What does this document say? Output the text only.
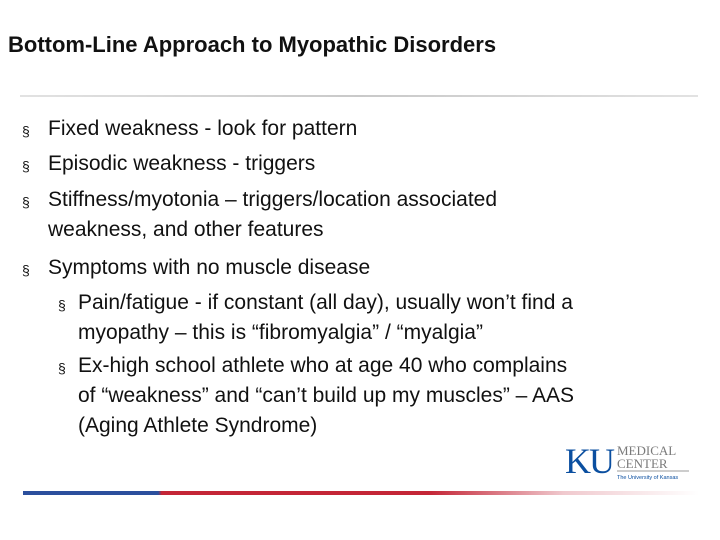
Bottom-Line Approach to Myopathic Disorders
§ Fixed weakness - look for pattern
§ Episodic weakness - triggers
§ Stiffness/myotonia – triggers/location associated
weakness, and other features
§ Symptoms with no muscle disease
§ Pain/fatigue - if constant (all day), usually won’t find a
myopathy – this is “fibromyalgia” / “myalgia”
§ Ex-high school athlete who at age 40 who complains
of “weakness” and “can’t build up my muscles” – AAS
(Aging Athlete Syndrome)
KU MEDICAL
CENTER
The University of Kansas
